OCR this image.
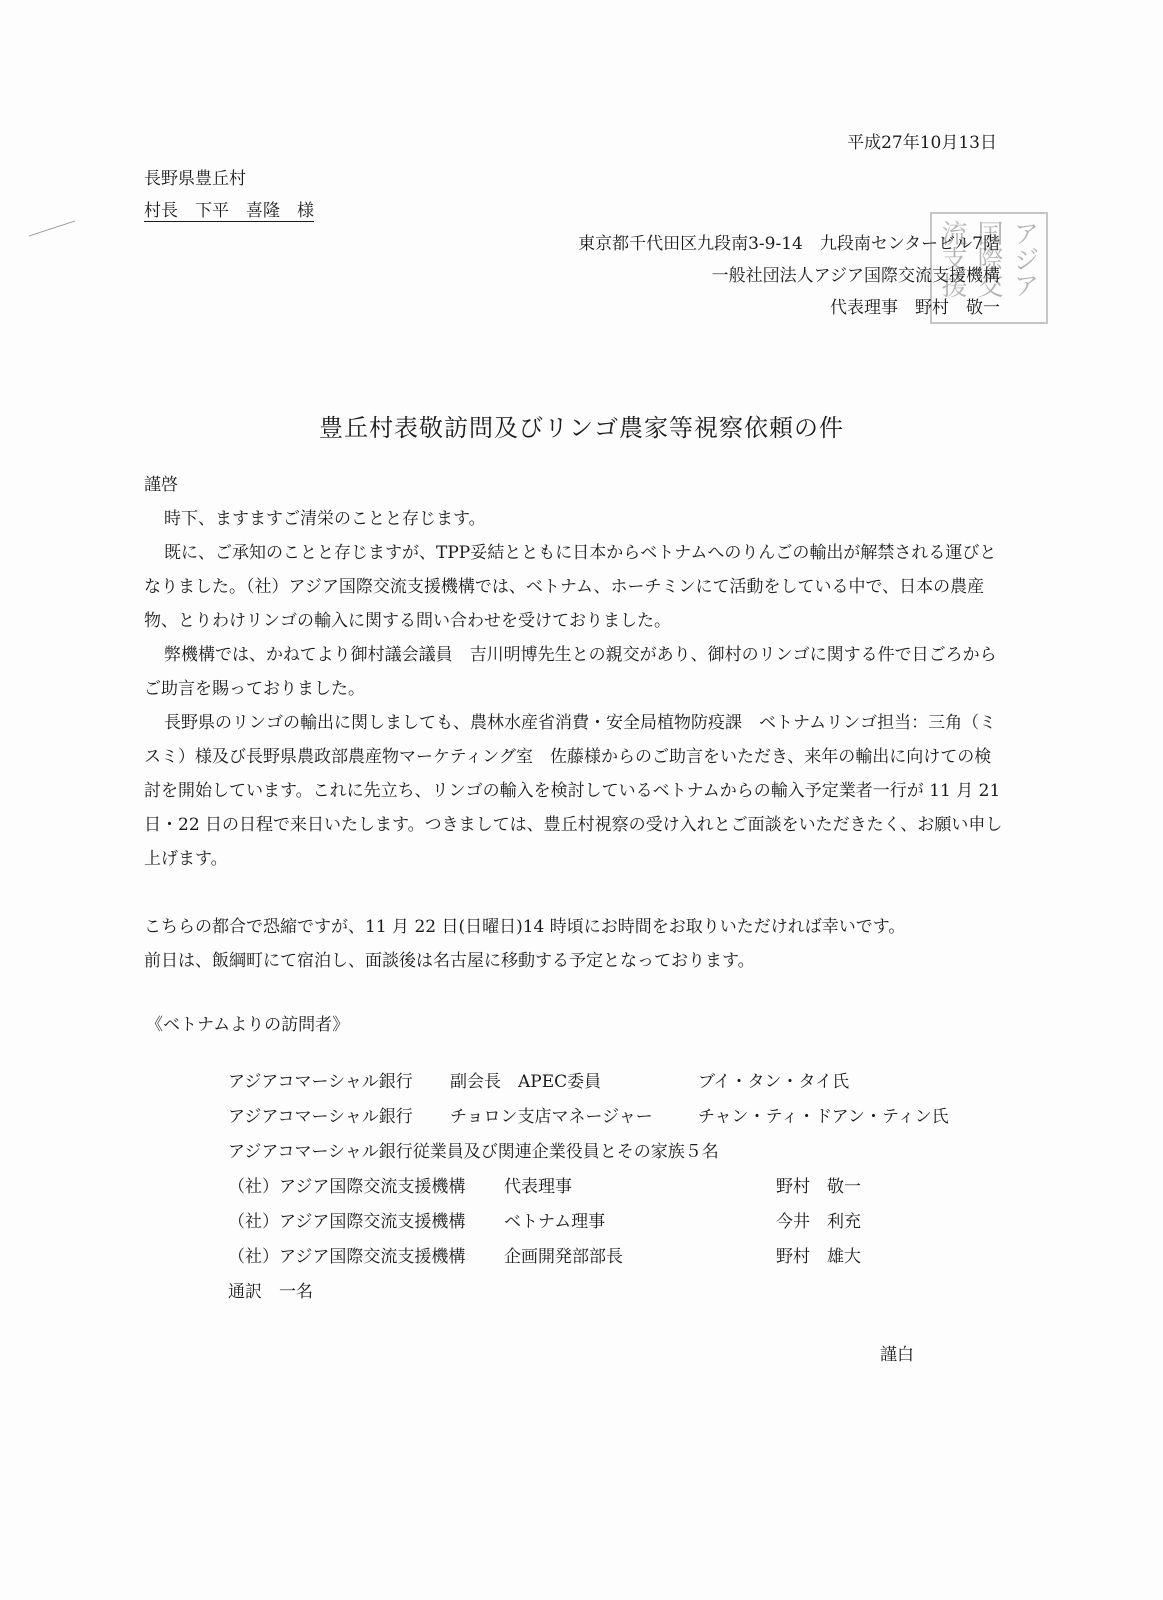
平成27年10月13日
長野県豊丘村
村長　下平　喜隆　様
アジア
国際交
流支援
東京都千代田区九段南3-9-14　九段南センタービル7階
一般社団法人アジア国際交流支援機構
代表理事　野村　敬一
豊丘村表敬訪問及びリンゴ農家等視察依頼の件

謹啓

時下、ますますご清栄のことと存じます。

既に、ご承知のことと存じますが、TPP妥結とともに日本からベトナムへのりんごの輸出が解禁される運びとなりました。（社）アジア国際交流支援機構では、ベトナム、ホーチミンにて活動をしている中で、日本の農産物、とりわけリンゴの輸入に関する問い合わせを受けておりました。

弊機構では、かねてより御村議会議員　吉川明博先生との親交があり、御村のリンゴに関する件で日ごろからご助言を賜っておりました。

長野県のリンゴの輸出に関しましても、農林水産省消費・安全局植物防疫課　ベトナムリンゴ担当：三角（ミスミ）様及び長野県農政部農産物マーケティング室　佐藤様からのご助言をいただき、来年の輸出に向けての検討を開始しています。これに先立ち、リンゴの輸入を検討しているベトナムからの輸入予定業者一行が 11 月 21 日・22 日の日程で来日いたします。つきましては、豊丘村視察の受け入れとご面談をいただきたく、お願い申し上げます。

こちらの都合で恐縮ですが、11 月 22 日(日曜日)14 時頃にお時間をお取りいただければ幸いです。

前日は、飯綱町にて宿泊し、面談後は名古屋に移動する予定となっております。

《ベトナムよりの訪問者》
アジアコマーシャル銀行 副会長　APEC委員	ブイ・タン・タイ氏
アジアコマーシャル銀行 チョロン支店マネージャー	チャン・ティ・ドアン・ティン氏
アジアコマーシャル銀行従業員及び関連企業役員とその家族５名
（社）アジア国際交流支援機構 代表理事	野村　敬一
（社）アジア国際交流支援機構 ベトナム理事	今井　利充
（社）アジア国際交流支援機構 企画開発部部長	野村　雄大
通訳　一名
謹白
